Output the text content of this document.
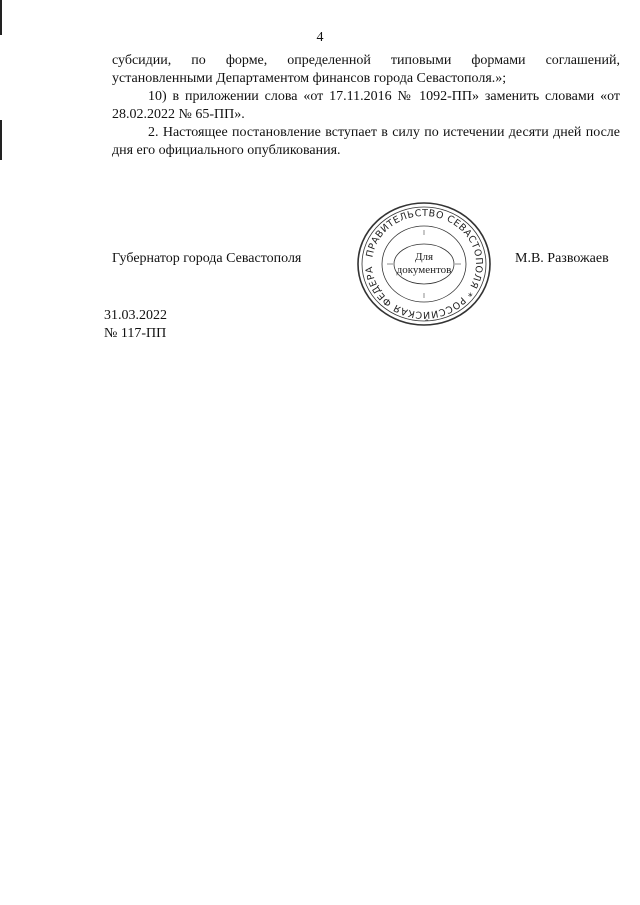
4

субсидии, по форме, определенной типовыми формами соглашений, установленными Департаментом финансов города Севастополя.»;

10) в приложении слова «от 17.11.2016 № 1092-ПП» заменить словами «от 28.02.2022 № 65-ПП».

2. Настоящее постановление вступает в силу по истечении десяти дней после дня его официального опубликования.

Губернатор города Севастополя	ПРАВИТЕЛЬСТВО СЕВАСТОПОЛЯ * РОССИЙСКАЯ ФЕДЕРА
Для
документов
М.В. Развожаев
31.03.2022
№ 117-ПП
